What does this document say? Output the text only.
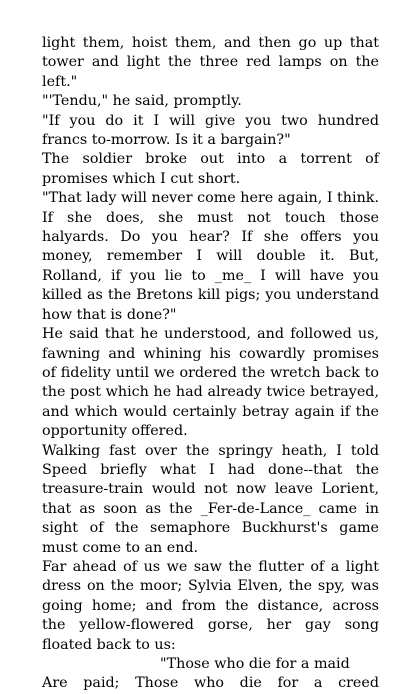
light them, hoist them, and then go up that tower and light the three red lamps on the left."

"'Tendu," he said, promptly.

"If you do it I will give you two hundred francs to-morrow. Is it a bargain?"

The soldier broke out into a torrent of promises which I cut short.

"That lady will never come here again, I think. If she does, she must not touch those halyards. Do you hear? If she offers you money, remember I will double it. But, Rolland, if you lie to _me_ I will have you killed as the Bretons kill pigs; you understand how that is done?"

He said that he understood, and followed us, fawning and whining his cowardly promises of fidelity until we ordered the wretch back to the post which he had already twice betrayed, and which would certainly betray again if the opportunity offered.

Walking fast over the springy heath, I told Speed briefly what I had done--that the treasure-train would not now leave Lorient, that as soon as the _Fer-de-Lance_ came in sight of the semaphore Buckhurst's game must come to an end.

Far ahead of us we saw the flutter of a light dress on the moor; Sylvia Elven, the spy, was going home; and from the distance, across the yellow-flowered gorse, her gay song floated back to us:

"Those who die for a maid

Are paid; Those who die for a creed
